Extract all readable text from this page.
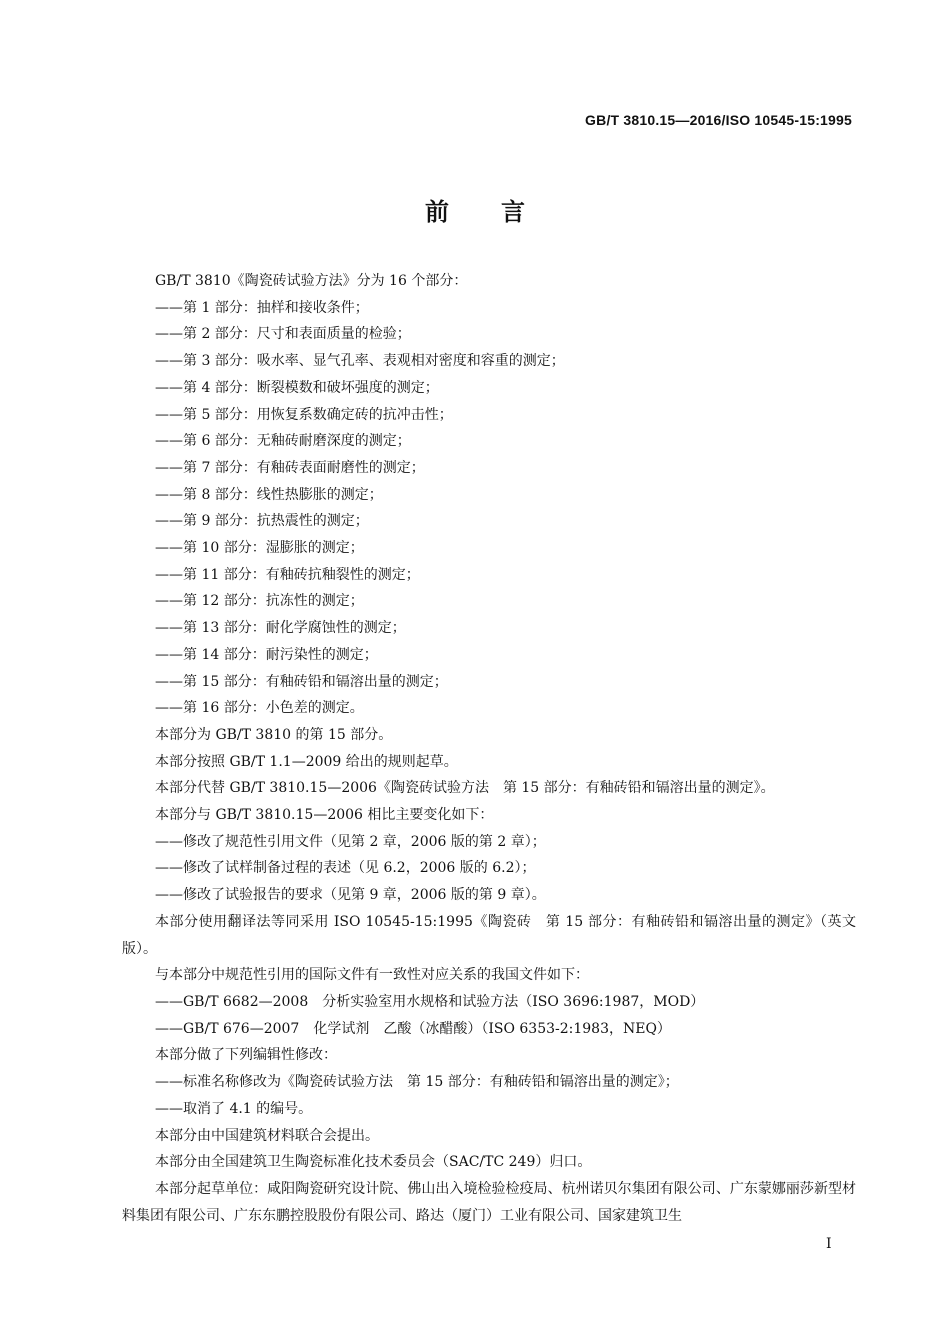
GB/T 3810.15—2016/ISO 10545-15:1995
前言
GB/T 3810《陶瓷砖试验方法》分为 16 个部分：
——第 1 部分：抽样和接收条件；
——第 2 部分：尺寸和表面质量的检验；
——第 3 部分：吸水率、显气孔率、表观相对密度和容重的测定；
——第 4 部分：断裂模数和破坏强度的测定；
——第 5 部分：用恢复系数确定砖的抗冲击性；
——第 6 部分：无釉砖耐磨深度的测定；
——第 7 部分：有釉砖表面耐磨性的测定；
——第 8 部分：线性热膨胀的测定；
——第 9 部分：抗热震性的测定；
——第 10 部分：湿膨胀的测定；
——第 11 部分：有釉砖抗釉裂性的测定；
——第 12 部分：抗冻性的测定；
——第 13 部分：耐化学腐蚀性的测定；
——第 14 部分：耐污染性的测定；
——第 15 部分：有釉砖铅和镉溶出量的测定；
——第 16 部分：小色差的测定。
本部分为 GB/T 3810 的第 15 部分。
本部分按照 GB/T 1.1—2009 给出的规则起草。
本部分代替 GB/T 3810.15—2006《陶瓷砖试验方法　第 15 部分：有釉砖铅和镉溶出量的测定》。
本部分与 GB/T 3810.15—2006 相比主要变化如下：
——修改了规范性引用文件（见第 2 章，2006 版的第 2 章）；
——修改了试样制备过程的表述（见 6.2，2006 版的 6.2）；
——修改了试验报告的要求（见第 9 章，2006 版的第 9 章）。
本部分使用翻译法等同采用 ISO 10545-15:1995《陶瓷砖　第 15 部分：有釉砖铅和镉溶出量的测定》（英文版）。
与本部分中规范性引用的国际文件有一致性对应关系的我国文件如下：
——GB/T 6682—2008　分析实验室用水规格和试验方法（ISO 3696:1987，MOD）
——GB/T 676—2007　化学试剂　乙酸（冰醋酸）（ISO 6353-2:1983，NEQ）
本部分做了下列编辑性修改：
——标准名称修改为《陶瓷砖试验方法　第 15 部分：有釉砖铅和镉溶出量的测定》；
——取消了 4.1 的编号。
本部分由中国建筑材料联合会提出。
本部分由全国建筑卫生陶瓷标准化技术委员会（SAC/TC 249）归口。
本部分起草单位：咸阳陶瓷研究设计院、佛山出入境检验检疫局、杭州诺贝尔集团有限公司、广东蒙娜丽莎新型材料集团有限公司、广东东鹏控股股份有限公司、路达（厦门）工业有限公司、国家建筑卫生
I
